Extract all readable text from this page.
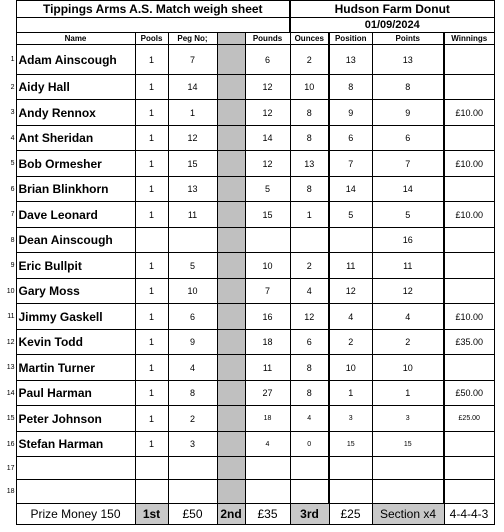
	Tippings Arms A.S. Match weigh sheet					Hudson Farm Donut			
						01/09/2024			
	Name	Pools	Peg No;		Pounds	Ounces	Position	Points	Winnings
1	Adam Ainscough	1	7		6	2	13	13	
2	Aidy Hall	1	14		12	10	8	8	
3	Andy Rennox	1	1		12	8	9	9	£10.00
4	Ant Sheridan	1	12		14	8	6	6	
5	Bob Ormesher	1	15		12	13	7	7	£10.00
6	Brian Blinkhorn	1	13		5	8	14	14	
7	Dave Leonard	1	11		15	1	5	5	£10.00
8	Dean Ainscough							16	
9	Eric Bullpit	1	5		10	2	11	11	
10	Gary Moss	1	10		7	4	12	12	
11	Jimmy Gaskell	1	6		16	12	4	4	£10.00
12	Kevin Todd	1	9		18	6	2	2	£35.00
13	Martin Turner	1	4		11	8	10	10	
14	Paul Harman	1	8		27	8	1	1	£50.00
15	Peter Johnson	1	2		18	4	3	3	£25.00
16	Stefan Harman	1	3		4	0	15	15	
17									
18									
	Prize Money 150	1st	£50	2nd	£35	3rd	£25	Section x4	4-4-4-3
